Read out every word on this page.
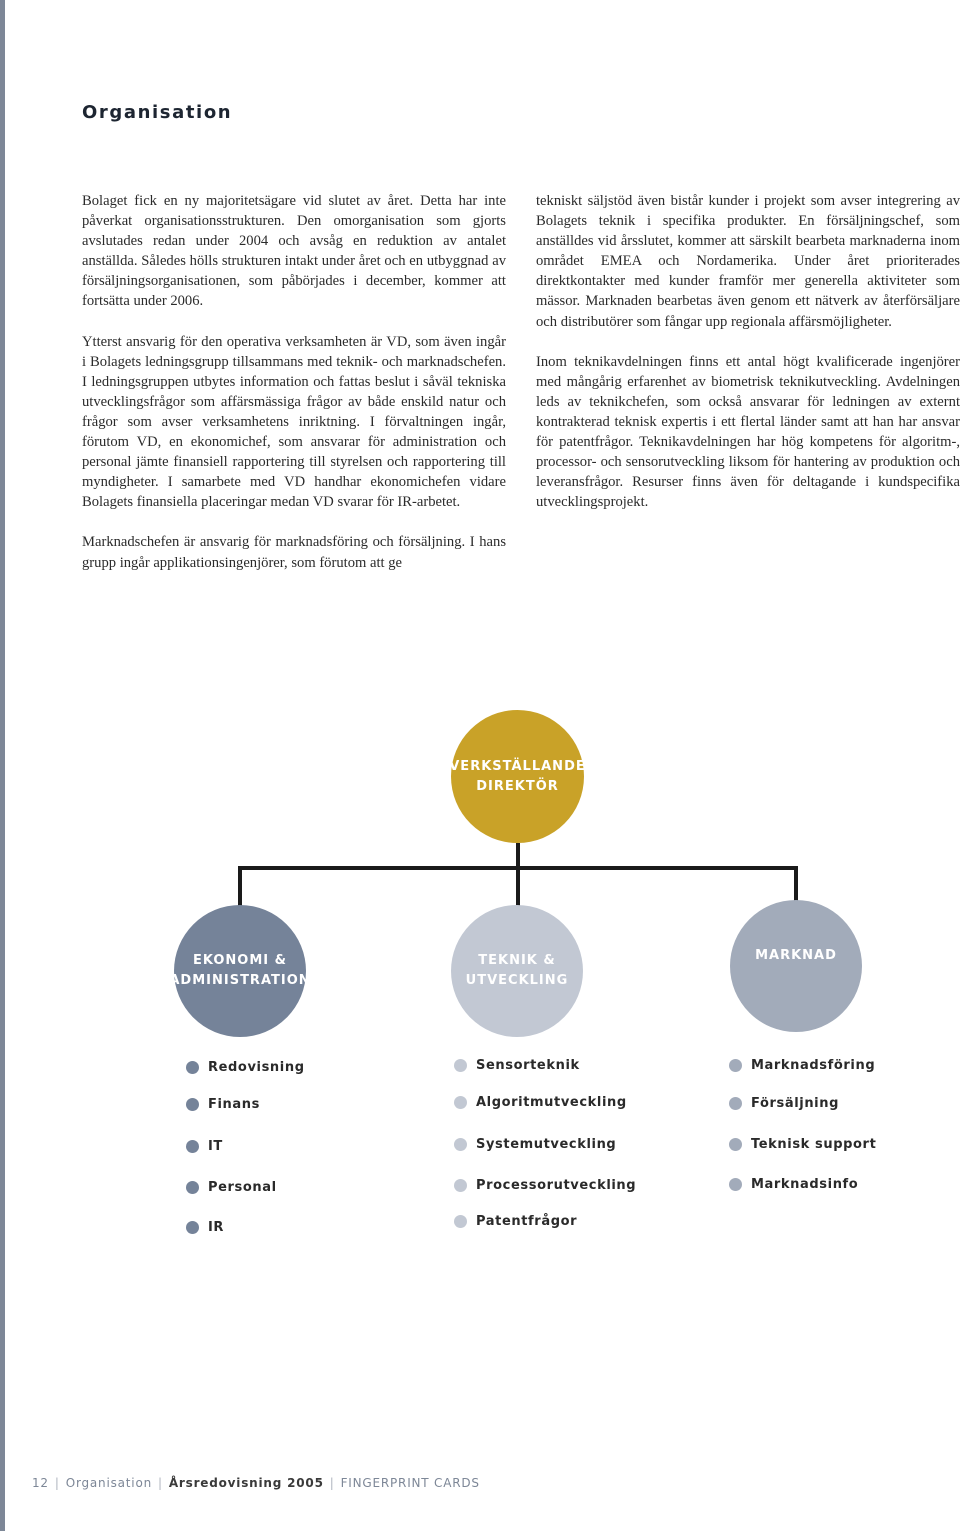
Organisation

Bolaget fick en ny majoritetsägare vid slutet av året. Detta har inte påverkat organisationsstrukturen. Den omorganisation som gjorts avslutades redan under 2004 och avsåg en reduktion av antalet anställda. Således hölls strukturen intakt under året och en utbyggnad av försäljningsorganisationen, som påbörjades i december, kommer att fortsätta under 2006.

Ytterst ansvarig för den operativa verksamheten är VD, som även ingår i Bolagets ledningsgrupp tillsammans med teknik- och marknadschefen. I ledningsgruppen utbytes information och fattas beslut i såväl tekniska utvecklingsfrågor som affärsmässiga frågor av både enskild natur och frågor som avser verksamhetens inriktning. I förvaltningen ingår, förutom VD, en ekonomichef, som ansvarar för administration och personal jämte finansiell rapportering till styrelsen och rapportering till myndigheter. I samarbete med VD handhar ekonomichefen vidare Bolagets finansiella placeringar medan VD svarar för IR-arbetet.

Marknadschefen är ansvarig för marknadsföring och försäljning. I hans grupp ingår applikationsingenjörer, som förutom att ge

tekniskt säljstöd även bistår kunder i projekt som avser integrering av Bolagets teknik i specifika produkter. En försäljningschef, som anställdes vid årsslutet, kommer att särskilt bearbeta marknaderna inom området EMEA och Nordamerika. Under året prioriterades direktkontakter med kunder framför mer generella aktiviteter som mässor. Marknaden bearbetas även genom ett nätverk av återförsäljare och distributörer som fångar upp regionala affärsmöjligheter.

Inom teknikavdelningen finns ett antal högt kvalificerade ingenjörer med mångårig erfarenhet av biometrisk teknikutveckling. Avdelningen leds av teknikchefen, som också ansvarar för ledningen av externt kontrakterad teknisk expertis i ett flertal länder samt att han har ansvar för patentfrågor. Teknikavdelningen har hög kompetens för algoritm-, processor- och sensorutveckling liksom för hantering av produktion och leveransfrågor. Resurser finns även för deltagande i kundspecifika utvecklingsprojekt.

VERKSTÄLLANDE
DIREKTÖR
EKONOMI &
ADMINISTRATION
TEKNIK &
UTVECKLING
MARKNAD
Redovisning
Finans
IT
Personal
IR
Sensorteknik
Algoritmutveckling
Systemutveckling
Processorutveckling
Patentfrågor
Marknadsföring
Försäljning
Teknisk support
Marknadsinfo
12 | Organisation | Årsredovisning 2005 | FINGERPRINT CARDS
